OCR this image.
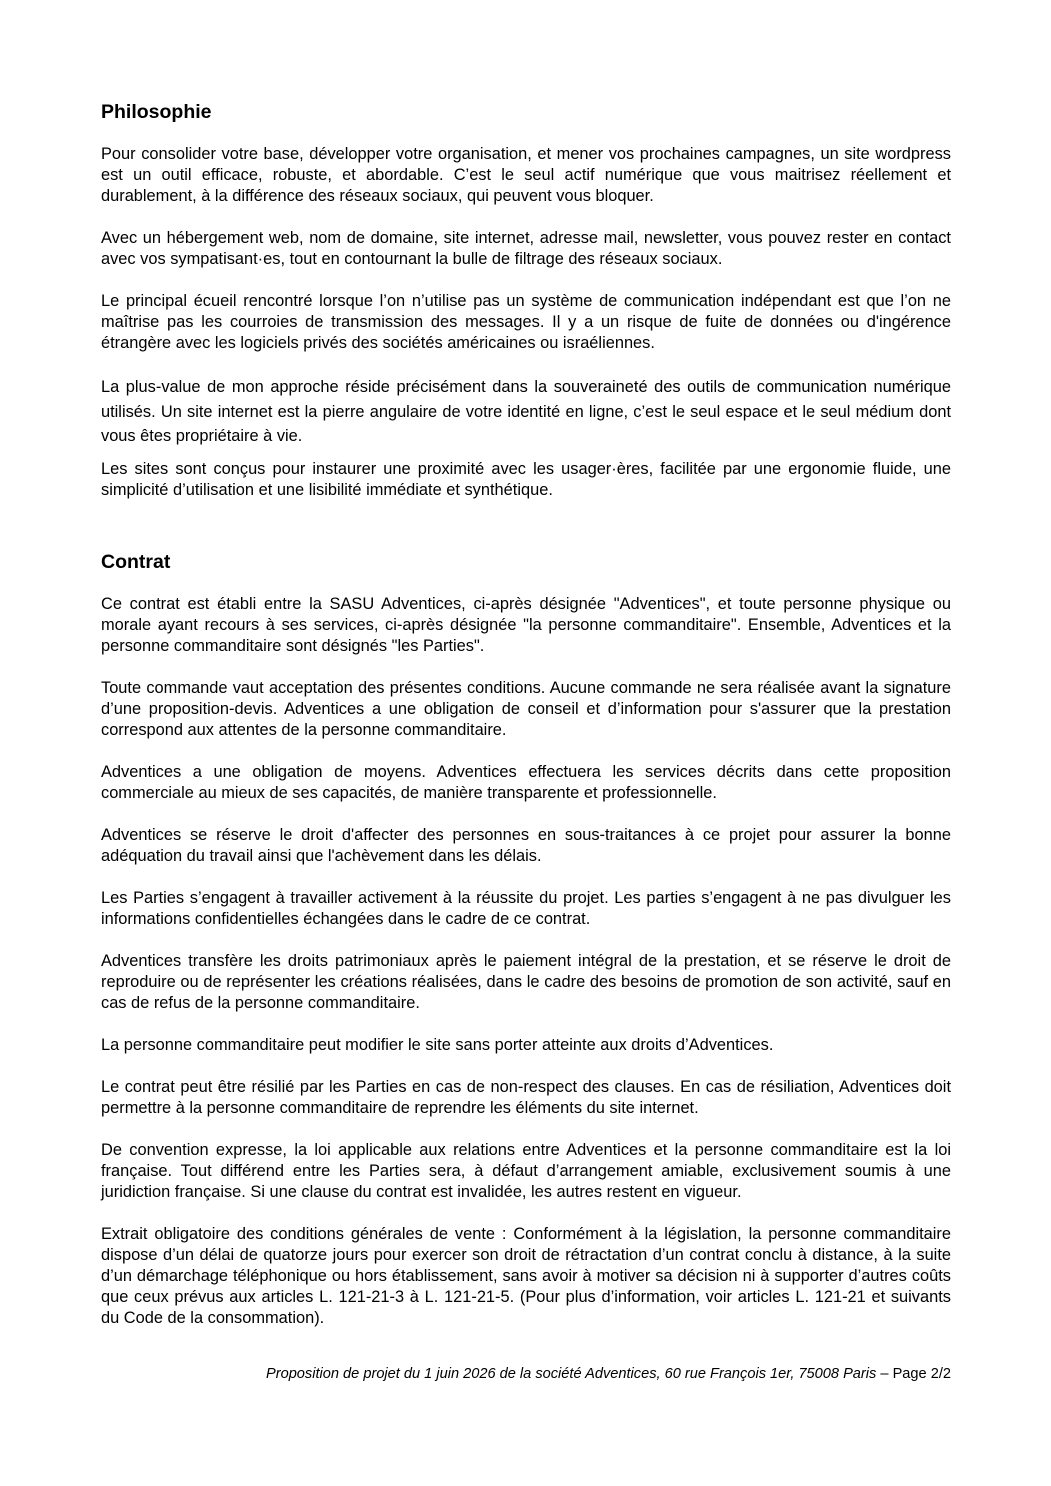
Philosophie

Pour consolider votre base, développer votre organisation, et mener vos prochaines campagnes, un site wordpress est un outil efficace, robuste, et abordable. C’est le seul actif numérique que vous maitrisez réellement et durablement, à la différence des réseaux sociaux, qui peuvent vous bloquer.

Avec un hébergement web, nom de domaine, site internet, adresse mail, newsletter, vous pouvez rester en contact avec vos sympatisant·es, tout en contournant la bulle de filtrage des réseaux sociaux.

Le principal écueil rencontré lorsque l’on n’utilise pas un système de communication indépendant est que l’on ne maîtrise pas les courroies de transmission des messages. Il y a un risque de fuite de données ou d'ingérence étrangère avec les logiciels privés des sociétés américaines ou israéliennes.

La plus-value de mon approche réside précisément dans la souveraineté des outils de communication numérique utilisés. Un site internet est la pierre angulaire de votre identité en ligne, c’est le seul espace et le seul médium dont vous êtes propriétaire à vie.

Les sites sont conçus pour instaurer une proximité avec les usager·ères, facilitée par une ergonomie fluide, une simplicité d’utilisation et une lisibilité immédiate et synthétique.

Contrat

Ce contrat est établi entre la SASU Adventices, ci-après désignée "Adventices", et toute personne physique ou morale ayant recours à ses services, ci-après désignée "la personne commanditaire". Ensemble, Adventices et la personne commanditaire sont désignés "les Parties".

Toute commande vaut acceptation des présentes conditions. Aucune commande ne sera réalisée avant la signature d’une proposition-devis. Adventices a une obligation de conseil et d’information pour s'assurer que la prestation correspond aux attentes de la personne commanditaire.

Adventices a une obligation de moyens. Adventices effectuera les services décrits dans cette proposition commerciale au mieux de ses capacités, de manière transparente et professionnelle.

Adventices se réserve le droit d'affecter des personnes en sous-traitances à ce projet pour assurer la bonne adéquation du travail ainsi que l'achèvement dans les délais.

Les Parties s’engagent à travailler activement à la réussite du projet. Les parties s’engagent à ne pas divulguer les informations confidentielles échangées dans le cadre de ce contrat.

Adventices transfère les droits patrimoniaux après le paiement intégral de la prestation, et se réserve le droit de reproduire ou de représenter les créations réalisées, dans le cadre des besoins de promotion de son activité, sauf en cas de refus de la personne commanditaire.

La personne commanditaire peut modifier le site sans porter atteinte aux droits d’Adventices.

Le contrat peut être résilié par les Parties en cas de non-respect des clauses. En cas de résiliation, Adventices doit permettre à la personne commanditaire de reprendre les éléments du site internet.

De convention expresse, la loi applicable aux relations entre Adventices et la personne commanditaire est la loi française. Tout différend entre les Parties sera, à défaut d’arrangement amiable, exclusivement soumis à une juridiction française. Si une clause du contrat est invalidée, les autres restent en vigueur.

Extrait obligatoire des conditions générales de vente : Conformément à la législation, la personne commanditaire dispose d’un délai de quatorze jours pour exercer son droit de rétractation d’un contrat conclu à distance, à la suite d’un démarchage téléphonique ou hors établissement, sans avoir à motiver sa décision ni à supporter d’autres coûts que ceux prévus aux articles L. 121-21-3 à L. 121-21-5. (Pour plus d’information, voir articles L. 121-21 et suivants du Code de la consommation).

Proposition de projet du 1 juin 2026 de la société Adventices, 60 rue François 1er, 75008 Paris – Page 2/2
